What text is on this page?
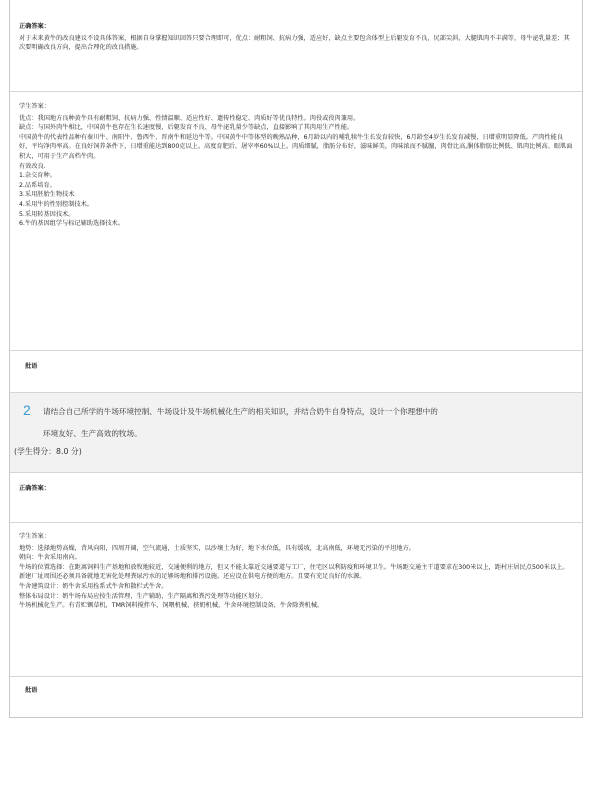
正确答案：
对于未来黄牛的改良建议不设具体答案，根据自身掌握知识回答只要合理即可，优点：耐粗饲、抗病力强，适应好，缺点主要包含体型上后躯发育不良，尻部尖斜，大腿肌肉不丰满等，母牛泌乳量差；其次要明确改良方向，提出合理化的改良措施。
学生答案：
优点：我国地方良种黄牛具有耐粗饲、抗病力强、性情温顺、适应性好、遗传性稳定、肉质好等优良特性。肉役或役肉兼用。
缺点：与国外肉牛相比，中国黄牛也存在生长速度慢、后躯发育不良、母牛泌乳量少等缺点，直接影响了其肉用生产性能。
中国黄牛的代表性品种有秦川牛、南阳牛、鲁西牛、晋南牛和延边牛等。中国黄牛中等体型的晚熟品种，6月龄以内的哺乳犊牛生长发育较快，6月龄至4岁生长发育减慢，日增重明显降低。产肉性能良好，平均净肉率高。在良好饲养条件下，日增重能达到800克以上。高度育肥后，屠宰率60%以上。肉质细腻，脂肪分布好，滋味鲜美，肉味浓而不腻膻，肉骨比高,胴体脂肪比例低、肌肉比例高、眼肌面积大，可用于生产高档牛肉。
有效改良.
1.杂交育种。
2.品系培育。
3.采用胚胎生物技术
4.采用牛的性别控制技术。
5.采用转基因技术。
6.牛的基因组学与标记辅助选择技术。
批语
2 请结合自己所学的牛场环境控制、牛场设计及牛场机械化生产的相关知识，并结合奶牛自身特点，设计一个你理想中的
环境友好、生产高效的牧场。
(学生得分：8.0 分)
正确答案：
学生答案：
地势：选择地势高燥，背风向阳，四周开阔，空气流通，土质坚实，以沙壤土为好，地下水位低，具有缓坡，北高南低，环境无污染的平坦地方。
朝向：牛舍采用南向。
牛场的位置选择：在距离饲料生产基地和放牧地较近，交通便利的地方，但又不能太靠近交通要道与工厂，住宅区以利防疫和环境卫生。牛场距交通主干道要求在300米以上，距村庄居民点500米以上。新建厂址周围还必须具备就地无害化处理粪尿污水的足够场地和排污设施。还应设在供电方便的地方。且要有充足良好的水源。
牛舍建筑设计：奶牛舍采用拴系式牛舍和散栏式牛舍。
整体布局设计：奶牛场布局应按生活管理，生产辅助，生产隔离和粪污处理等功能区划分。
牛场机械化生产。有青贮铡草机，TMR饲料搅拌车，饲喂机械，挤奶机械，牛舍环境控制设备，牛舍除粪机械。
批语
